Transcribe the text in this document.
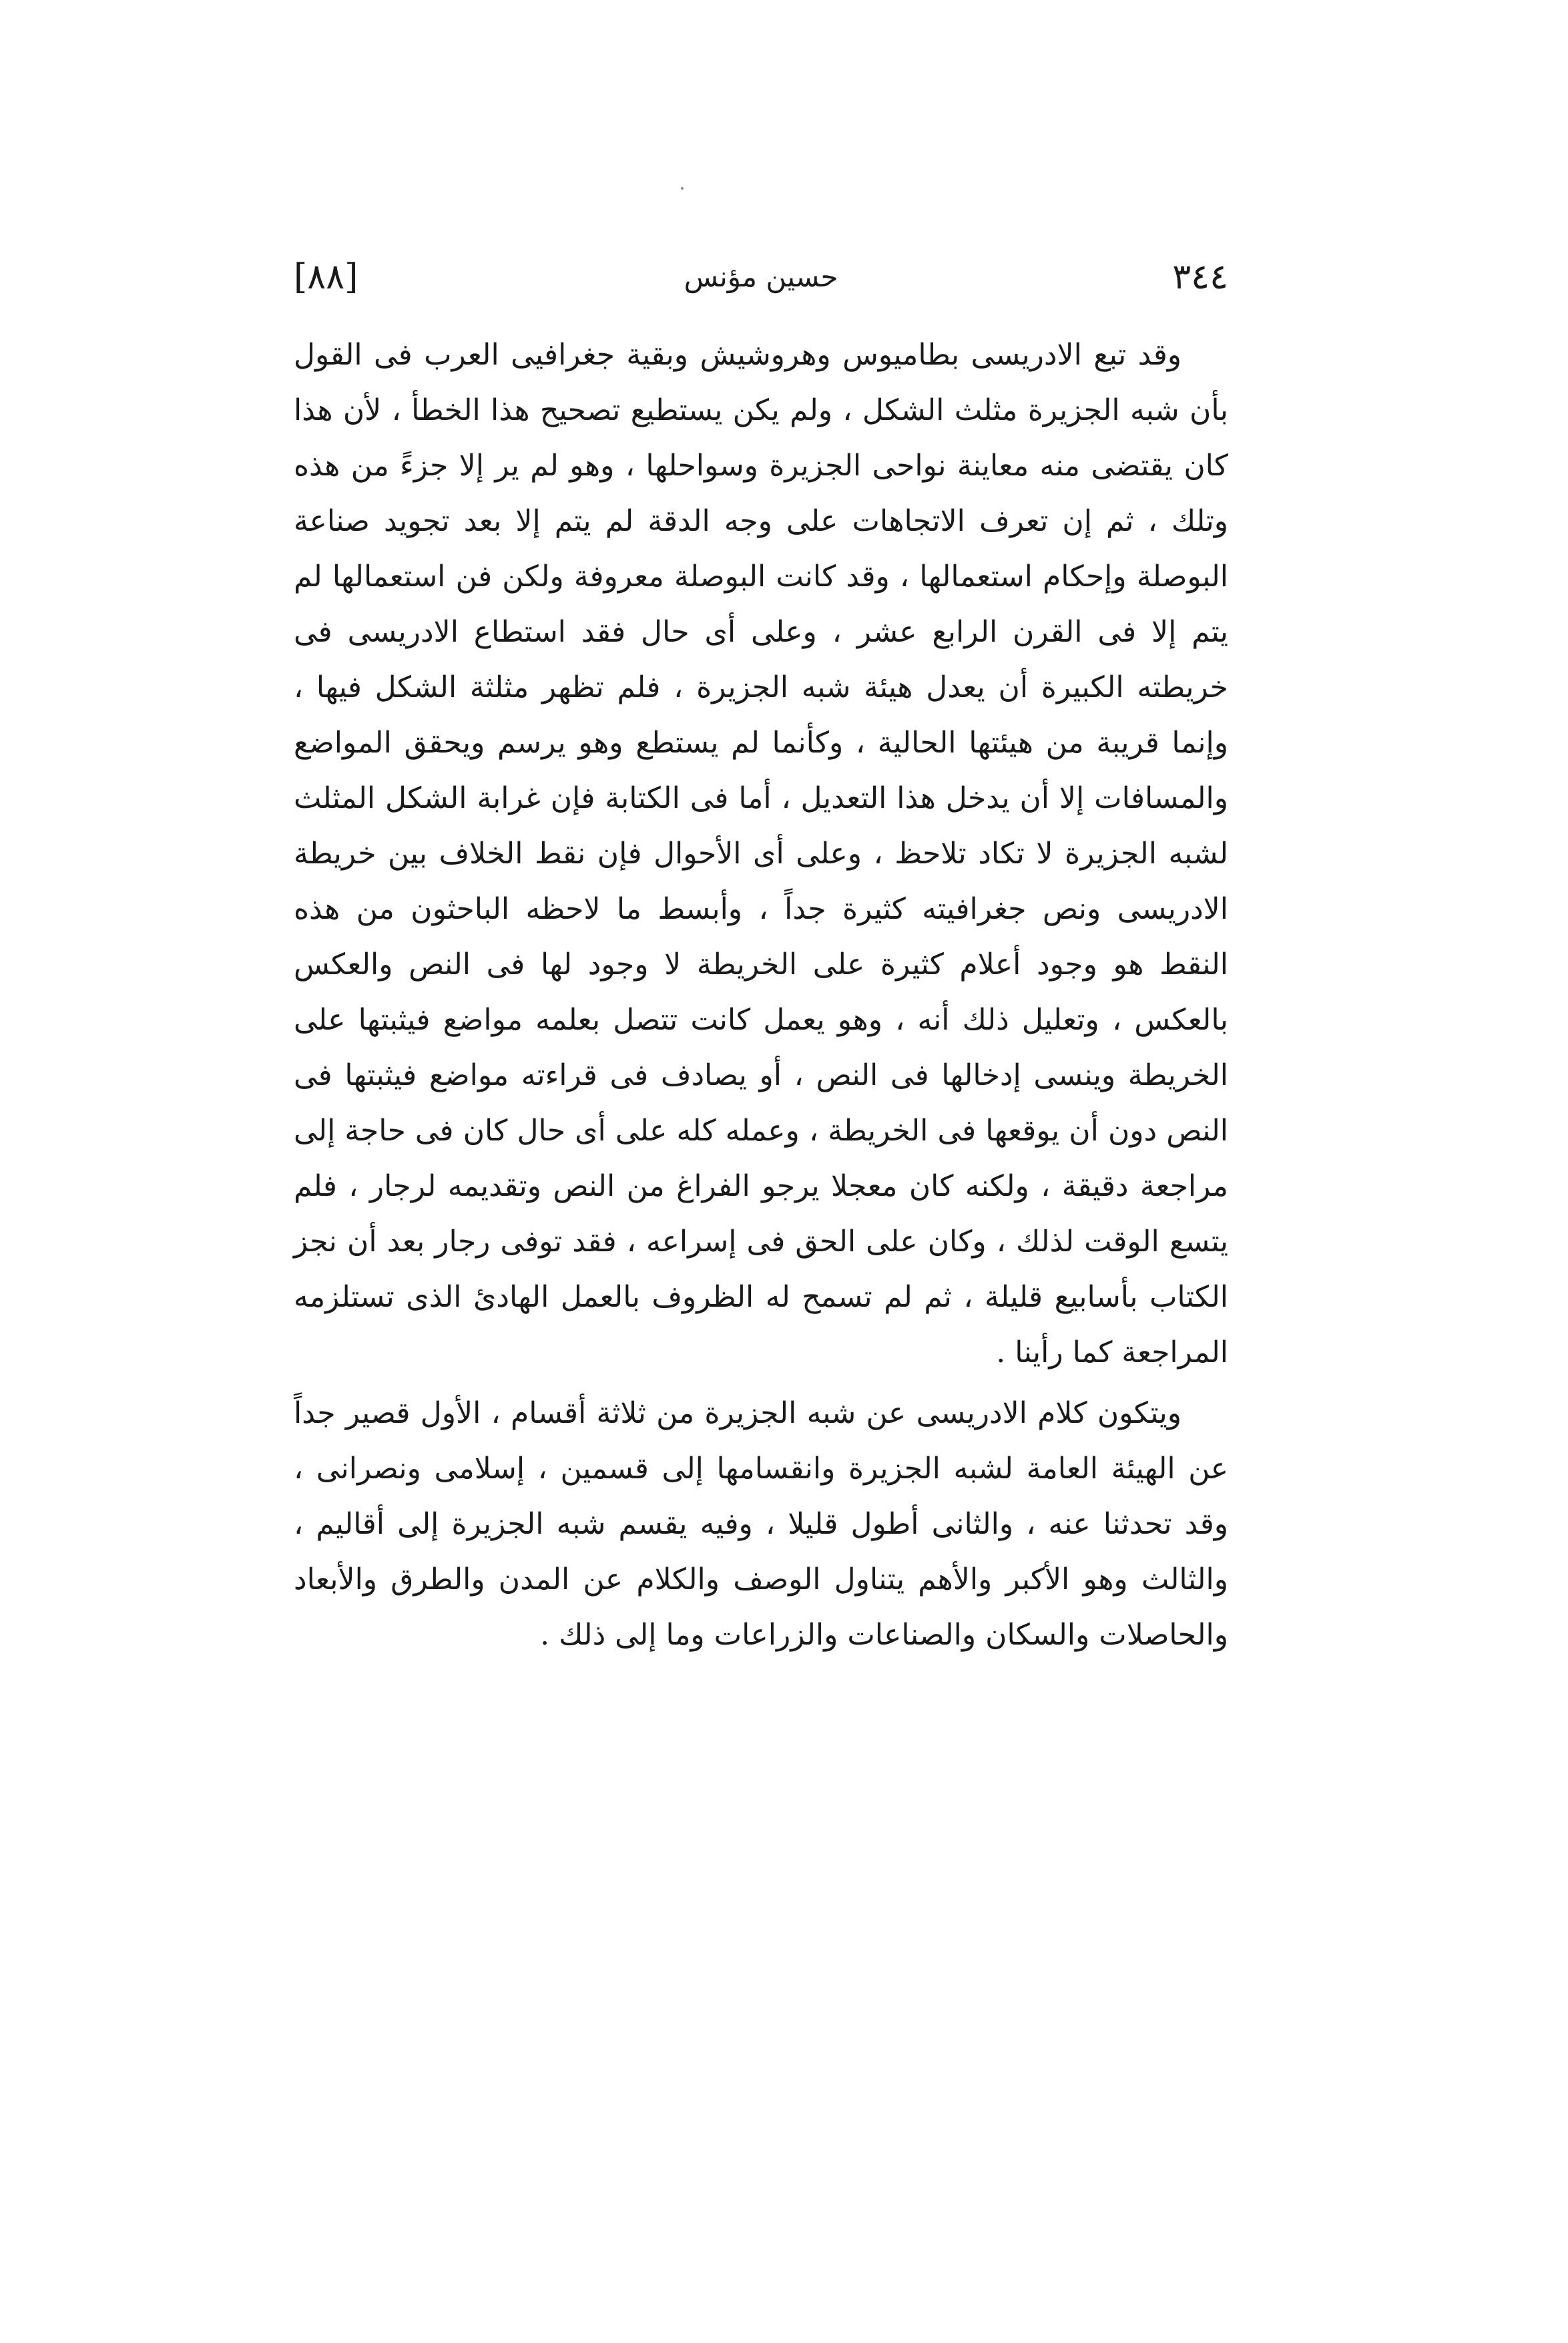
[٨٨]	حسين مؤنس	٣٤٤

وقد تبع الادريسى بطاميوس وهروشيش وبقية جغرافيى العرب فى القول بأن شبه الجزيرة مثلث الشكل ، ولم يكن يستطيع تصحيح هذا الخطأ ، لأن هذا كان يقتضى منه معاينة نواحى الجزيرة وسواحلها ، وهو لم ير إلا جزءً من هذه وتلك ، ثم إن تعرف الاتجاهات على وجه الدقة لم يتم إلا بعد تجويد صناعة البوصلة وإحكام استعمالها ، وقد كانت البوصلة معروفة ولكن فن استعمالها لم يتم إلا فى القرن الرابع عشر ، وعلى أى حال فقد استطاع الادريسى فى خريطته الكبيرة أن يعدل هيئة شبه الجزيرة ، فلم تظهر مثلثة الشكل فيها ، وإنما قريبة من هيئتها الحالية ، وكأنما لم يستطع وهو يرسم ويحقق المواضع والمسافات إلا أن يدخل هذا التعديل ، أما فى الكتابة فإن غرابة الشكل المثلث لشبه الجزيرة لا تكاد تلاحظ ، وعلى أى الأحوال فإن نقط الخلاف بين خريطة الادريسى ونص جغرافيته كثيرة جداً ، وأبسط ما لاحظه الباحثون من هذه النقط هو وجود أعلام كثيرة على الخريطة لا وجود لها فى النص والعكس بالعكس ، وتعليل ذلك أنه ، وهو يعمل كانت تتصل بعلمه مواضع فيثبتها على الخريطة وينسى إدخالها فى النص ، أو يصادف فى قراءته مواضع فيثبتها فى النص دون أن يوقعها فى الخريطة ، وعمله كله على أى حال كان فى حاجة إلى مراجعة دقيقة ، ولكنه كان معجلا يرجو الفراغ من النص وتقديمه لرجار ، فلم يتسع الوقت لذلك ، وكان على الحق فى إسراعه ، فقد توفى رجار بعد أن نجز الكتاب بأسابيع قليلة ، ثم لم تسمح له الظروف بالعمل الهادئ الذى تستلزمه المراجعة كما رأينا .

ويتكون كلام الادريسى عن شبه الجزيرة من ثلاثة أقسام ، الأول قصير جداً عن الهيئة العامة لشبه الجزيرة وانقسامها إلى قسمين ، إسلامى ونصرانى ، وقد تحدثنا عنه ، والثانى أطول قليلا ، وفيه يقسم شبه الجزيرة إلى أقاليم ، والثالث وهو الأكبر والأهم يتناول الوصف والكلام عن المدن والطرق والأبعاد والحاصلات والسكان والصناعات والزراعات وما إلى ذلك .
